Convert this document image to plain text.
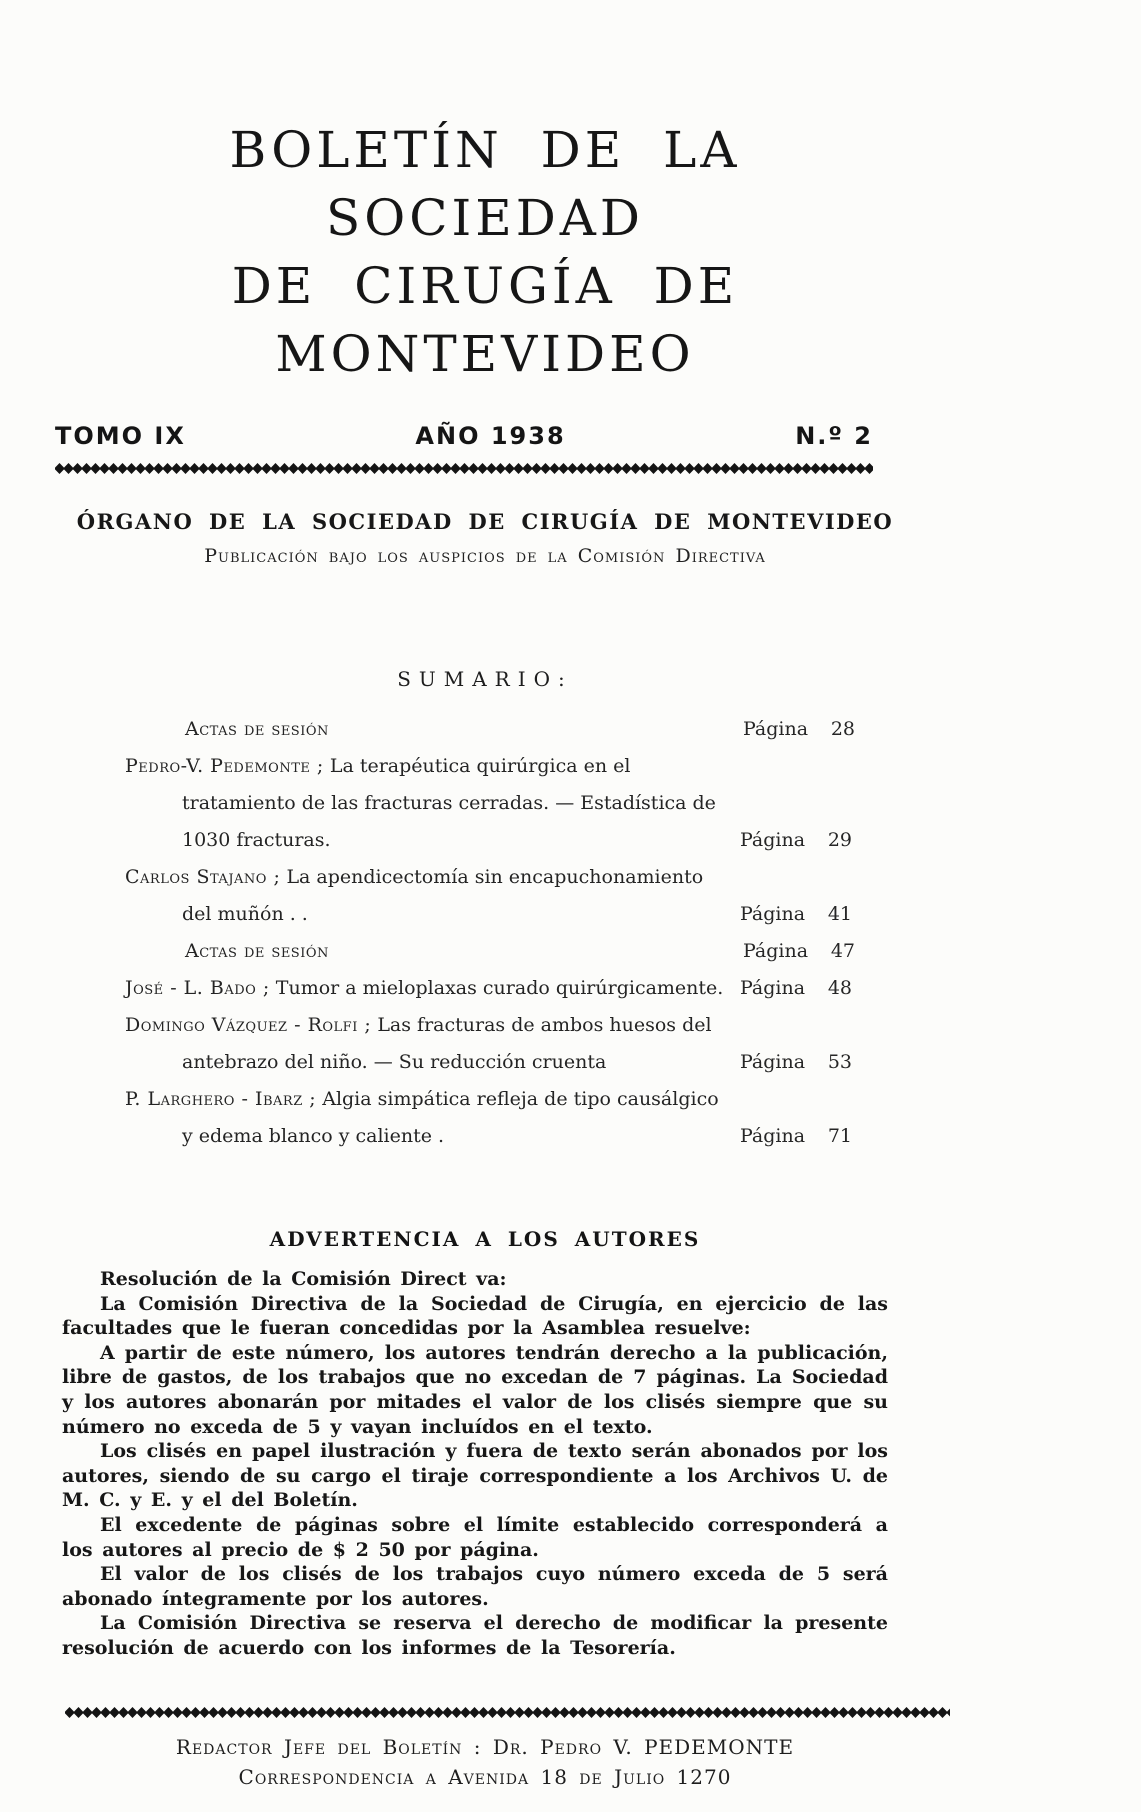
BOLETÍN DE LA SOCIEDAD
DE CIRUGÍA DE MONTEVIDEO
TOMO IX	AÑO 1938	N.º 2
ÓRGANO DE LA SOCIEDAD DE CIRUGÍA DE MONTEVIDEO
Publicación bajo los auspicios de la Comisión Directiva
SUMARIO:
Actas de sesión	Página 28
Pedro-V. Pedemonte ; La terapéutica quirúrgica en el tratamiento de las fracturas cerradas. — Estadística de 1030 fracturas.	Página 29
Carlos Stajano ; La apendicectomía sin encapuchonamiento del muñón . .	Página 41
Actas de sesión	Página 47
José - L. Bado ; Tumor a mieloplaxas curado quirúrgicamente. Página 48
Domingo Vázquez - Rolfi ; Las fracturas de ambos huesos del antebrazo del niño. — Su reducción cruenta	Página 53
P. Larghero - Ibarz ; Algia simpática refleja de tipo causálgico y edema blanco y caliente .	Página 71
ADVERTENCIA A LOS AUTORES

Resolución de la Comisión Direct va:

La Comisión Directiva de la Sociedad de Cirugía, en ejercicio de las facultades que le fueran concedidas por la Asamblea resuelve:

A partir de este número, los autores tendrán derecho a la publicación, libre de gastos, de los trabajos que no excedan de 7 páginas. La Sociedad y los autores abonarán por mitades el valor de los clisés siempre que su número no exceda de 5 y vayan incluídos en el texto.

Los clisés en papel ilustración y fuera de texto serán abonados por los autores, siendo de su cargo el tiraje correspondiente a los Archivos U. de M. C. y E. y el del Boletín.

El excedente de páginas sobre el límite establecido corresponderá a los autores al precio de $ 2 50 por página.

El valor de los clisés de los trabajos cuyo número exceda de 5 será abonado íntegramente por los autores.

La Comisión Directiva se reserva el derecho de modificar la presente resolución de acuerdo con los informes de la Tesorería.

Redactor Jefe del Boletín : Dr. Pedro V. PEDEMONTE
Correspondencia a Avenida 18 de Julio 1270
